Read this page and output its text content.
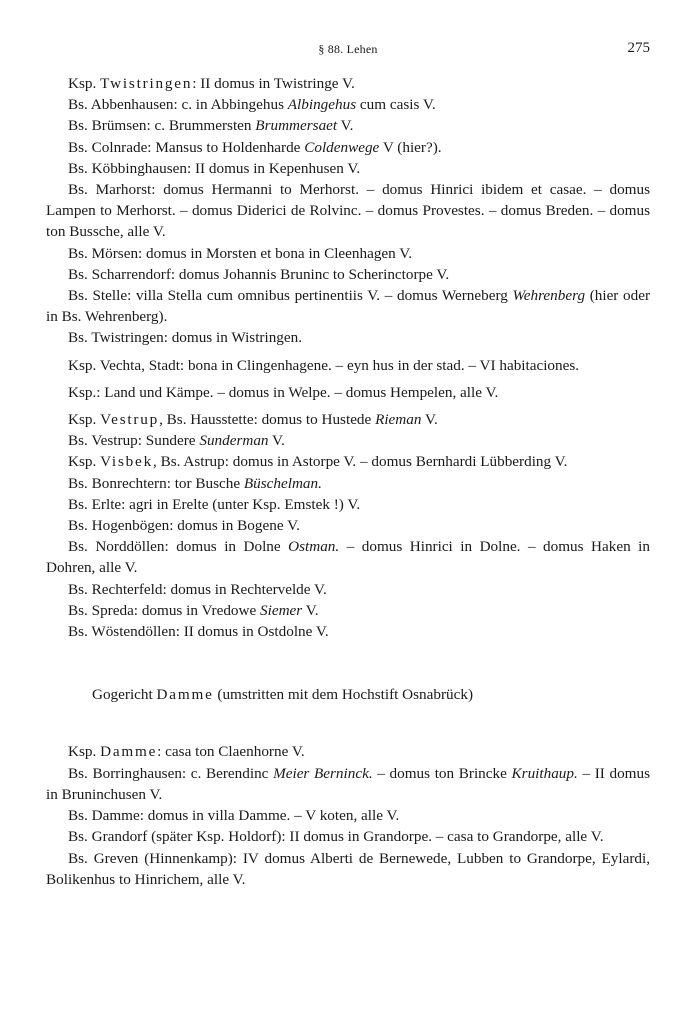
§ 88. Lehen	275

Ksp. Twistringen: II domus in Twistringe V.

Bs. Abbenhausen: c. in Abbingehus Albingehus cum casis V.

Bs. Brümsen: c. Brummersten Brummersaet V.

Bs. Colnrade: Mansus to Holdenharde Coldenwege V (hier?).

Bs. Köbbinghausen: II domus in Kepenhusen V.

Bs. Marhorst: domus Hermanni to Merhorst. – domus Hinrici ibidem et casae. – domus Lampen to Merhorst. – domus Diderici de Rolvinc. – domus Provestes. – domus Breden. – domus ton Bussche, alle V.

Bs. Mörsen: domus in Morsten et bona in Cleenhagen V.

Bs. Scharrendorf: domus Johannis Bruninc to Scherinctorpe V.

Bs. Stelle: villa Stella cum omnibus pertinentiis V. – domus Werneberg Wehrenberg (hier oder in Bs. Wehrenberg).

Bs. Twistringen: domus in Wistringen.

Ksp. Vechta, Stadt: bona in Clingenhagene. – eyn hus in der stad. – VI habitaciones.

Ksp.: Land und Kämpe. – domus in Welpe. – domus Hempelen, alle V.

Ksp. Vestrup, Bs. Hausstette: domus to Hustede Rieman V.

Bs. Vestrup: Sundere Sunderman V.

Ksp. Visbek, Bs. Astrup: domus in Astorpe V. – domus Bernhardi Lübberding V.

Bs. Bonrechtern: tor Busche Büschelman.

Bs. Erlte: agri in Erelte (unter Ksp. Emstek !) V.

Bs. Hogenbögen: domus in Bogene V.

Bs. Norddöllen: domus in Dolne Ostman. – domus Hinrici in Dolne. – domus Haken in Dohren, alle V.

Bs. Rechterfeld: domus in Rechtervelde V.

Bs. Spreda: domus in Vredowe Siemer V.

Bs. Wöstendöllen: II domus in Ostdolne V.

Gogericht Damme (umstritten mit dem Hochstift Osnabrück)

Ksp. Damme: casa ton Claenhorne V.

Bs. Borringhausen: c. Berendinc Meier Berninck. – domus ton Brincke Kruithaup. – II domus in Bruninchusen V.

Bs. Damme: domus in villa Damme. – V koten, alle V.

Bs. Grandorf (später Ksp. Holdorf): II domus in Grandorpe. – casa to Grandorpe, alle V.

Bs. Greven (Hinnenkamp): IV domus Alberti de Bernewede, Lubben to Grandorpe, Eylardi, Bolikenhus to Hinrichem, alle V.
